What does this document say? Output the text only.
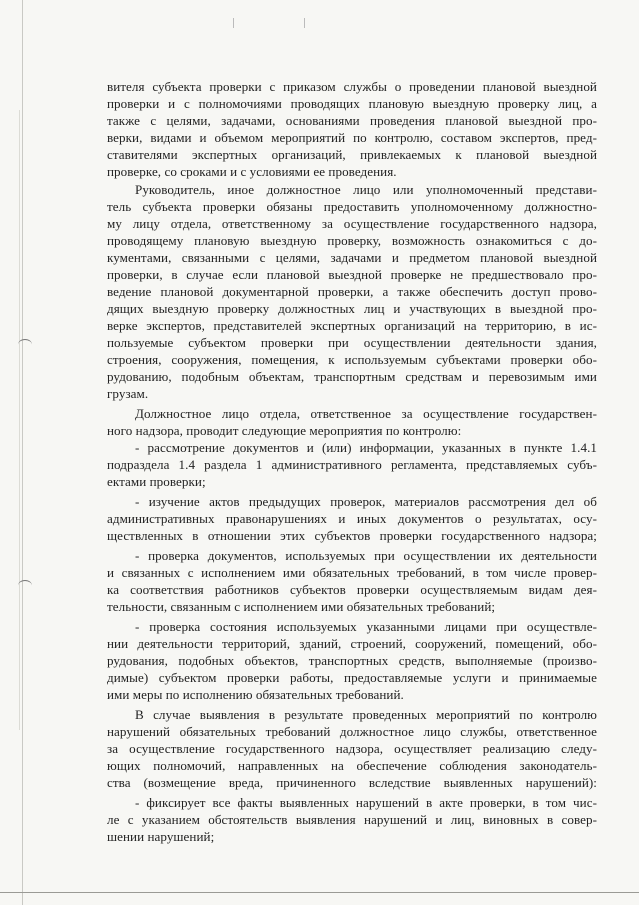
вителя субъекта проверки с приказом службы о проведении плановой выездной
проверки и с полномочиями проводящих плановую выездную проверку лиц, а
также с целями, задачами, основаниями проведения плановой выездной про-
верки, видами и объемом мероприятий по контролю, составом экспертов, пред-
ставителями экспертных организаций, привлекаемых к плановой выездной
проверке, со сроками и с условиями ее проведения.
Руководитель, иное должностное лицо или уполномоченный представи-
тель субъекта проверки обязаны предоставить уполномоченному должностно-
му лицу отдела, ответственному за осуществление государственного надзора,
проводящему плановую выездную проверку, возможность ознакомиться с до-
кументами, связанными с целями, задачами и предметом плановой выездной
проверки, в случае если плановой выездной проверке не предшествовало про-
ведение плановой документарной проверки, а также обеспечить доступ прово-
дящих выездную проверку должностных лиц и участвующих в выездной про-
верке экспертов, представителей экспертных организаций на территорию, в ис-
пользуемые субъектом проверки при осуществлении деятельности здания,
строения, сооружения, помещения, к используемым субъектами проверки обо-
рудованию, подобным объектам, транспортным средствам и перевозимым ими
грузам.
Должностное лицо отдела, ответственное за осуществление государствен-
ного надзора, проводит следующие мероприятия по контролю:
- рассмотрение документов и (или) информации, указанных в пункте 1.4.1
подраздела 1.4 раздела 1 административного регламента, представляемых субъ-
ектами проверки;
- изучение актов предыдущих проверок, материалов рассмотрения дел об
административных правонарушениях и иных документов о результатах, осу-
ществленных в отношении этих субъектов проверки государственного надзора;
- проверка документов, используемых при осуществлении их деятельности
и связанных с исполнением ими обязательных требований, в том числе провер-
ка соответствия работников субъектов проверки осуществляемым видам дея-
тельности, связанным с исполнением ими обязательных требований;
- проверка состояния используемых указанными лицами при осуществле-
нии деятельности территорий, зданий, строений, сооружений, помещений, обо-
рудования, подобных объектов, транспортных средств, выполняемые (произво-
димые) субъектом проверки работы, предоставляемые услуги и принимаемые
ими меры по исполнению обязательных требований.
В случае выявления в результате проведенных мероприятий по контролю
нарушений обязательных требований должностное лицо службы, ответственное
за осуществление государственного надзора, осуществляет реализацию следу-
ющих полномочий, направленных на обеспечение соблюдения законодатель-
ства (возмещение вреда, причиненного вследствие выявленных нарушений):
- фиксирует все факты выявленных нарушений в акте проверки, в том чис-
ле с указанием обстоятельств выявления нарушений и лиц, виновных в совер-
шении нарушений;
